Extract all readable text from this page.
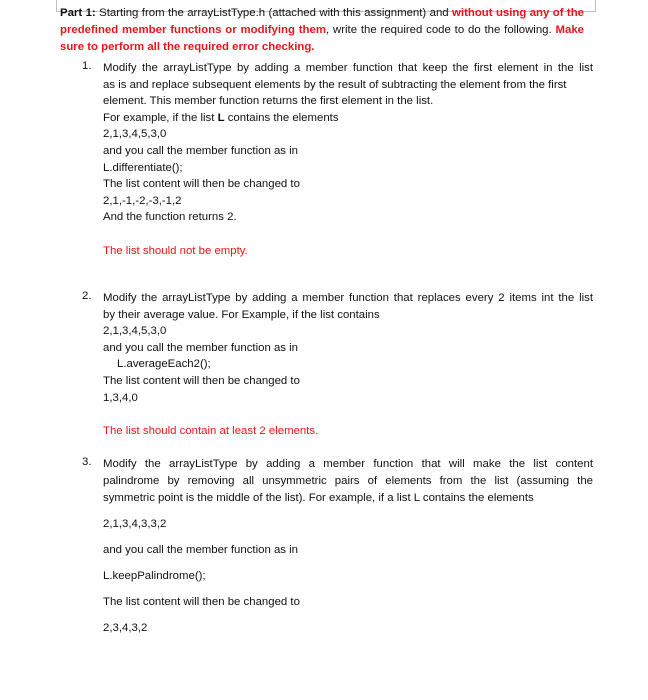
Part 1: Starting from the arrayListType.h (attached with this assignment) and without using any of the predefined member functions or modifying them, write the required code to do the following. Make sure to perform all the required error checking.
1. Modify the arrayListType by adding a member function that keep the first element in the list
as is and replace subsequent elements by the result of subtracting the element from the first
element. This member function returns the first element in the list.
For example, if the list L contains the elements
2,1,3,4,5,3,0
and you call the member function as in
L.differentiate();
The list content will then be changed to
2,1,-1,-2,-3,-1,2
And the function returns 2.
The list should not be empty.
2. Modify the arrayListType by adding a member function that replaces every 2 items int the list
by their average value. For Example, if the list contains
2,1,3,4,5,3,0
and you call the member function as in
L.averageEach2();
The list content will then be changed to
1,3,4,0
The list should contain at least 2 elements.
3. Modify the arrayListType by adding a member function that will make the list content
palindrome by removing all unsymmetric pairs of elements from the list (assuming the
symmetric point is the middle of the list). For example, if a list L contains the elements
2,1,3,4,3,3,2
and you call the member function as in
L.keepPalindrome();
The list content will then be changed to
2,3,4,3,2
